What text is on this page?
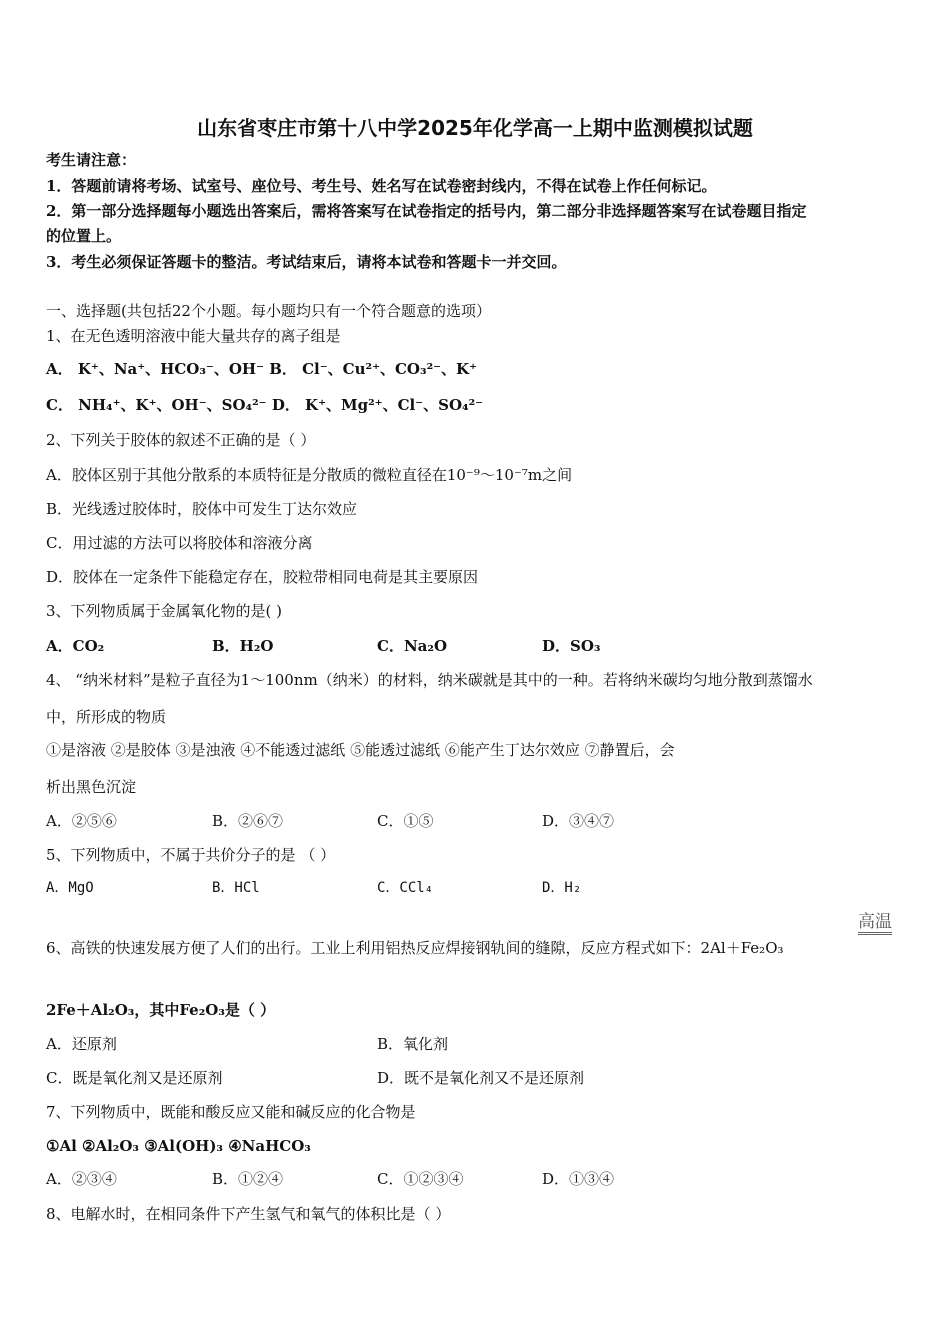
山东省枣庄市第十八中学2025年化学高一上期中监测模拟试题
考生请注意：
1．答题前请将考场、试室号、座位号、考生号、姓名写在试卷密封线内，不得在试卷上作任何标记。
2．第一部分选择题每小题选出答案后，需将答案写在试卷指定的括号内，第二部分非选择题答案写在试卷题目指定
的位置上。
3．考生必须保证答题卡的整洁。考试结束后，请将本试卷和答题卡一并交回。
一、选择题(共包括22个小题。每小题均只有一个符合题意的选项）
1、在无色透明溶液中能大量共存的离子组是
A． K⁺、Na⁺、HCO₃⁻、OH⁻ B． Cl⁻、Cu²⁺、CO₃²⁻、K⁺
C． NH₄⁺、K⁺、OH⁻、SO₄²⁻ D． K⁺、Mg²⁺、Cl⁻、SO₄²⁻
2、下列关于胶体的叙述不正确的是（ ）
A．胶体区别于其他分散系的本质特征是分散质的微粒直径在10⁻⁹～10⁻⁷m之间
B．光线透过胶体时，胶体中可发生丁达尔效应
C．用过滤的方法可以将胶体和溶液分离
D．胶体在一定条件下能稳定存在，胶粒带相同电荷是其主要原因
3、下列物质属于金属氧化物的是( )
A．CO₂	B．H₂O	C．Na₂O	D．SO₃
4、 “纳米材料”是粒子直径为1～100nm（纳米）的材料，纳米碳就是其中的一种。若将纳米碳均匀地分散到蒸馏水
中，所形成的物质
①是溶液 ②是胶体 ③是浊液 ④不能透过滤纸 ⑤能透过滤纸 ⑥能产生丁达尔效应 ⑦静置后，会
析出黑色沉淀
A．②⑤⑥	B．②⑥⑦	C．①⑤	D．③④⑦
5、下列物质中，不属于共价分子的是 （ ）
A．MgO	B．HCl	C．CCl₄	D．H₂
高温
6、高铁的快速发展方便了人们的出行。工业上利用铝热反应焊接钢轨间的缝隙，反应方程式如下：2Al＋Fe₂O₃
2Fe＋Al₂O₃，其中Fe₂O₃是（ ）
A．还原剂	B．氧化剂
C．既是氧化剂又是还原剂	D．既不是氧化剂又不是还原剂
7、下列物质中，既能和酸反应又能和碱反应的化合物是
①Al ②Al₂O₃ ③Al(OH)₃ ④NaHCO₃
A．②③④	B．①②④	C．①②③④	D．①③④
8、电解水时，在相同条件下产生氢气和氧气的体积比是（ ）
